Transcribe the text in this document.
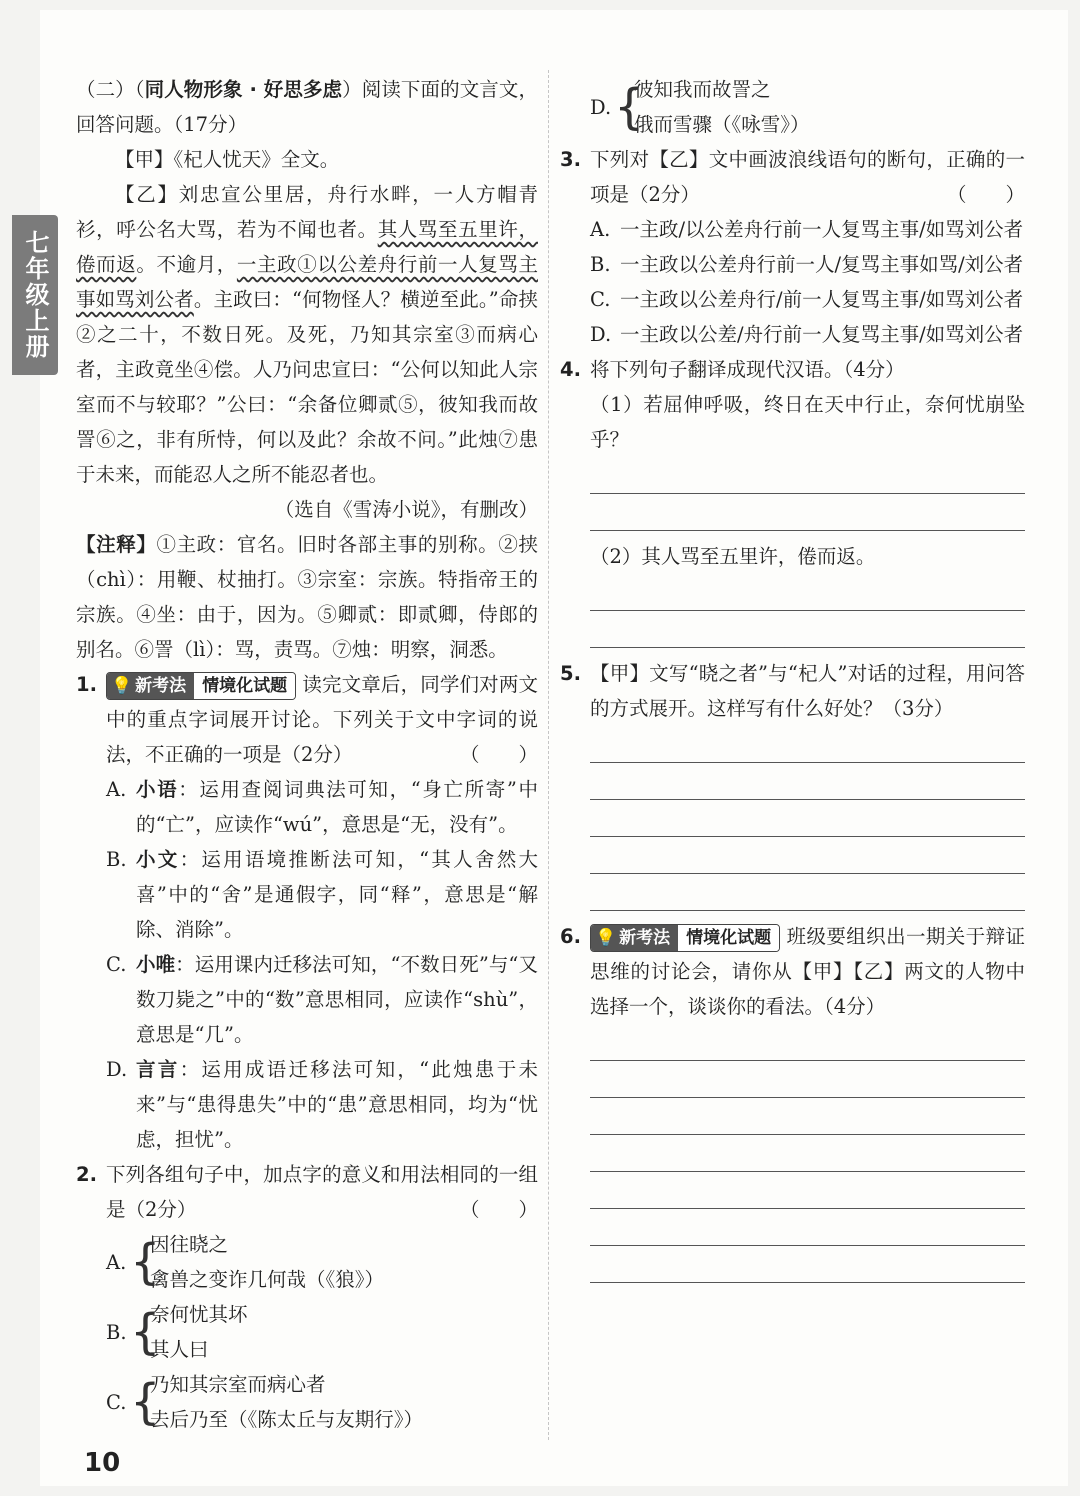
七年级上册

（二）（同人物形象 · 好思多虑）阅读下面的文言文，回答问题。（17分）

【甲】《杞人忧天》全文。

【乙】刘忠宣公里居，舟行水畔，一人方帽青衫，呼公名大骂，若为不闻也者。其人骂至五里许，倦而返。不逾月，一主政①以公差舟行前一人复骂主事如骂刘公者。主政曰：“何物怪人？横逆至此。”命挟②之二十，不数日死。及死，乃知其宗室③而病心者，主政竟坐④偿。人乃问忠宣曰：“公何以知此人宗室而不与较耶？”公曰：“余备位卿贰⑤，彼知我而故詈⑥之，非有所恃，何以及此？余故不问。”此烛⑦患于未来，而能忍人之所不能忍者也。

（选自《雪涛小说》，有删改）

【注释】①主政：官名。旧时各部主事的别称。②挟（chì）：用鞭、杖抽打。③宗室：宗族。特指帝王的宗族。④坐：由于，因为。⑤卿贰：即贰卿，侍郎的别名。⑥詈（lì）：骂，责骂。⑦烛：明察，洞悉。

1. 💡 新考法 情境化试题 读完文章后，同学们对两文中的重点字词展开讨论。下列关于文中字词的说法，不正确的一项是（2分）	（　　）

A. 小语：运用查阅词典法可知，“身亡所寄”中的“亡”，应读作“wú”，意思是“无，没有”。

B. 小文：运用语境推断法可知，“其人舍然大喜”中的“舍”是通假字，同“释”，意思是“解除、消除”。

C. 小唯：运用课内迁移法可知，“不数日死”与“又数刀毙之”中的“数”意思相同，应读作“shù”，意思是“几”。

D. 言言：运用成语迁移法可知，“此烛患于未来”与“患得患失”中的“患”意思相同，均为“忧虑，担忧”。

2. 下列各组句子中，加点字的意义和用法相同的一组是（2分）	（　　）

A. {

因往晓之

禽兽之变诈几何哉（《狼》）

B. {

奈何忧其坏

其人曰

C. {

乃知其宗室而病心者

去后乃至（《陈太丘与友期行》）

D. {

彼知我而故詈之

俄而雪骤（《咏雪》）

3. 下列对【乙】文中画波浪线语句的断句，正确的一项是（2分）	（　　）

A. 一主政/以公差舟行前一人复骂主事/如骂刘公者

B. 一主政以公差舟行前一人/复骂主事如骂/刘公者

C. 一主政以公差舟行/前一人复骂主事/如骂刘公者

D. 一主政以公差/舟行前一人复骂主事/如骂刘公者

4. 将下列句子翻译成现代汉语。（4分）

（1）若屈伸呼吸，终日在天中行止，奈何忧崩坠乎？

（2）其人骂至五里许，倦而返。

5. 【甲】文写“晓之者”与“杞人”对话的过程，用问答的方式展开。这样写有什么好处？（3分）

6. 💡 新考法 情境化试题 班级要组织出一期关于辩证思维的讨论会，请你从【甲】【乙】两文的人物中选择一个，谈谈你的看法。（4分）

10
